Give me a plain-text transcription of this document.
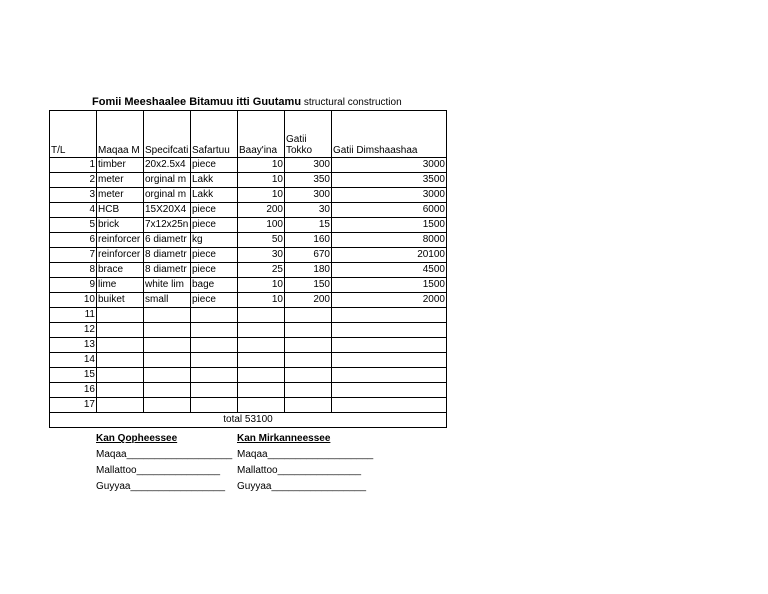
Fomii Meeshaalee Bitamuu itti Guutamu structural construction
T/L	Maqaa M	Specifcati	Safartuu	Baay'ina	Gatii Tokko	Gatii Dimshaashaa
1	timber	20x2.5x4	piece	10	300	3000
2	meter	orginal m	Lakk	10	350	3500
3	meter	orginal m	Lakk	10	300	3000
4	HCB	15X20X4	piece	200	30	6000
5	brick	7x12x25n	piece	100	15	1500
6	reinforcer	6 diametr	kg	50	160	8000
7	reinforcer	8 diametr	piece	30	670	20100
8	brace	8 diametr	piece	25	180	4500
9	lime	white lim	bage	10	150	1500
10	buiket	small	piece	10	200	2000
11						
12						
13						
14						
15						
16						
17						
total 53100						
Kan Qopheessee
Maqaa___________________
Mallattoo_______________
Guyyaa_________________
Kan Mirkanneessee
Maqaa___________________
Mallattoo_______________
Guyyaa_________________
